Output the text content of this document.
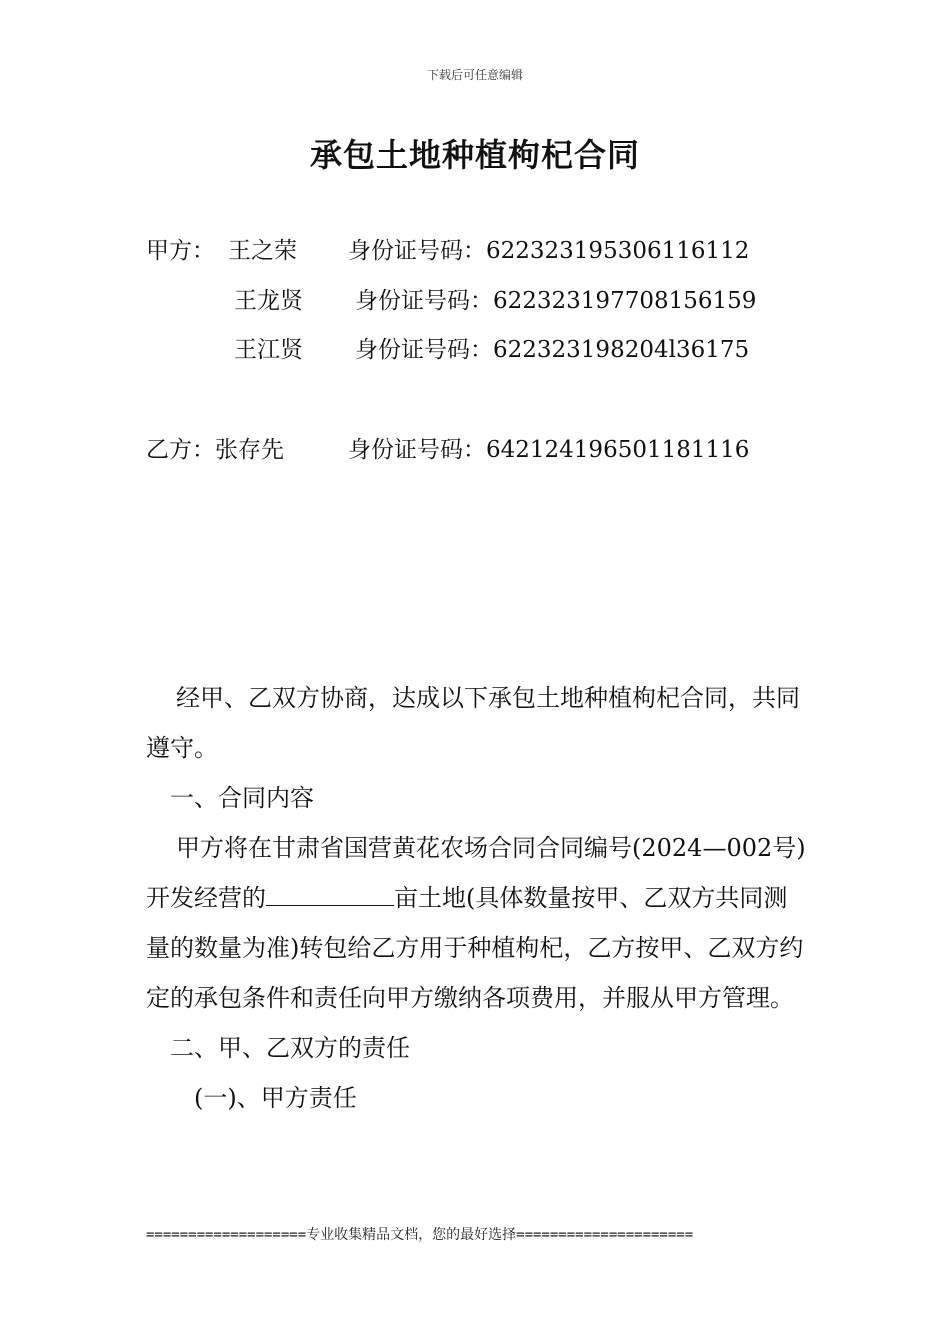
下载后可任意编辑
承包土地种植枸杞合同
甲方： 王之荣 身份证号码：622323195306116112
王龙贤 身份证号码：622323197708156159
王江贤 身份证号码：622323198204l36175
乙方：张存先	身份证号码：642124196501181116

经甲、乙双方协商，达成以下承包土地种植枸杞合同，共同遵守。

一、合同内容

甲方将在甘肃省国营黄花农场合同合同编号(2024—002号)开发经营的	亩土地(具体数量按甲、乙双方共同测量的数量为准)转包给乙方用于种植枸杞，乙方按甲、乙双方约定的承包条件和责任向甲方缴纳各项费用，并服从甲方管理。

二、甲、乙双方的责任

(一)、甲方责任

===================专业收集精品文档，您的最好选择=====================
